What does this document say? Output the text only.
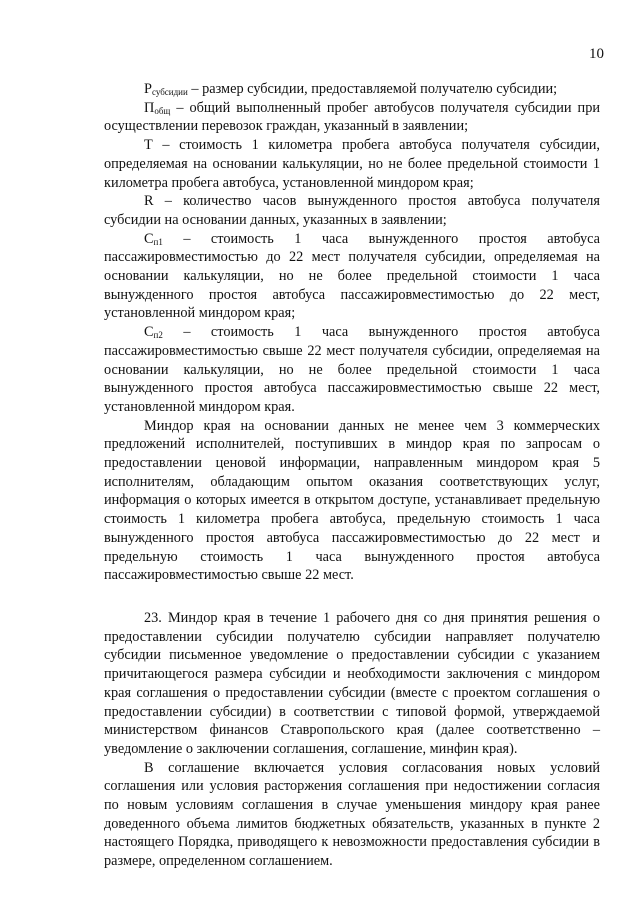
10

$P_{субсидии}$ – размер субсидии, предоставляемой получателю субсидии;

$П_{общ}$ – общий выполненный пробег автобусов получателя субсидии при осуществлении перевозок граждан, указанный в заявлении;

Т – стоимость 1 километра пробега автобуса получателя субсидии, определяемая на основании калькуляции, но не более предельной стоимости 1 километра пробега автобуса, установленной миндором края;

R – количество часов вынужденного простоя автобуса получателя субсидии на основании данных, указанных в заявлении;

$С_{п1}$ – стоимость 1 часа вынужденного простоя автобуса пассажировместимостью до 22 мест получателя субсидии, определяемая на основании калькуляции, но не более предельной стоимости 1 часа вынужденного простоя автобуса пассажировместимостью до 22 мест, установленной миндором края;

$С_{п2}$ – стоимость 1 часа вынужденного простоя автобуса пассажировместимостью свыше 22 мест получателя субсидии, определяемая на основании калькуляции, но не более предельной стоимости 1 часа вынужденного простоя автобуса пассажировместимостью свыше 22 мест, установленной миндором края.

Миндор края на основании данных не менее чем 3 коммерческих предложений исполнителей, поступивших в миндор края по запросам о предоставлении ценовой информации, направленным миндором края 5 исполнителям, обладающим опытом оказания соответствующих услуг, информация о которых имеется в открытом доступе, устанавливает предельную стоимость 1 километра пробега автобуса, предельную стоимость 1 часа вынужденного простоя автобуса пассажировместимостью до 22 мест и предельную стоимость 1 часа вынужденного простоя автобуса пассажировместимостью свыше 22 мест.

23. Миндор края в течение 1 рабочего дня со дня принятия решения о предоставлении субсидии получателю субсидии направляет получателю субсидии письменное уведомление о предоставлении субсидии с указанием причитающегося размера субсидии и необходимости заключения с миндором края соглашения о предоставлении субсидии (вместе с проектом соглашения о предоставлении субсидии) в соответствии с типовой формой, утверждаемой министерством финансов Ставропольского края (далее соответственно – уведомление о заключении соглашения, соглашение, минфин края).

В соглашение включается условия согласования новых условий соглашения или условия расторжения соглашения при недостижении согласия по новым условиям соглашения в случае уменьшения миндору края ранее доведенного объема лимитов бюджетных обязательств, указанных в пункте 2 настоящего Порядка, приводящего к невозможности предоставления субсидии в размере, определенном соглашением.
